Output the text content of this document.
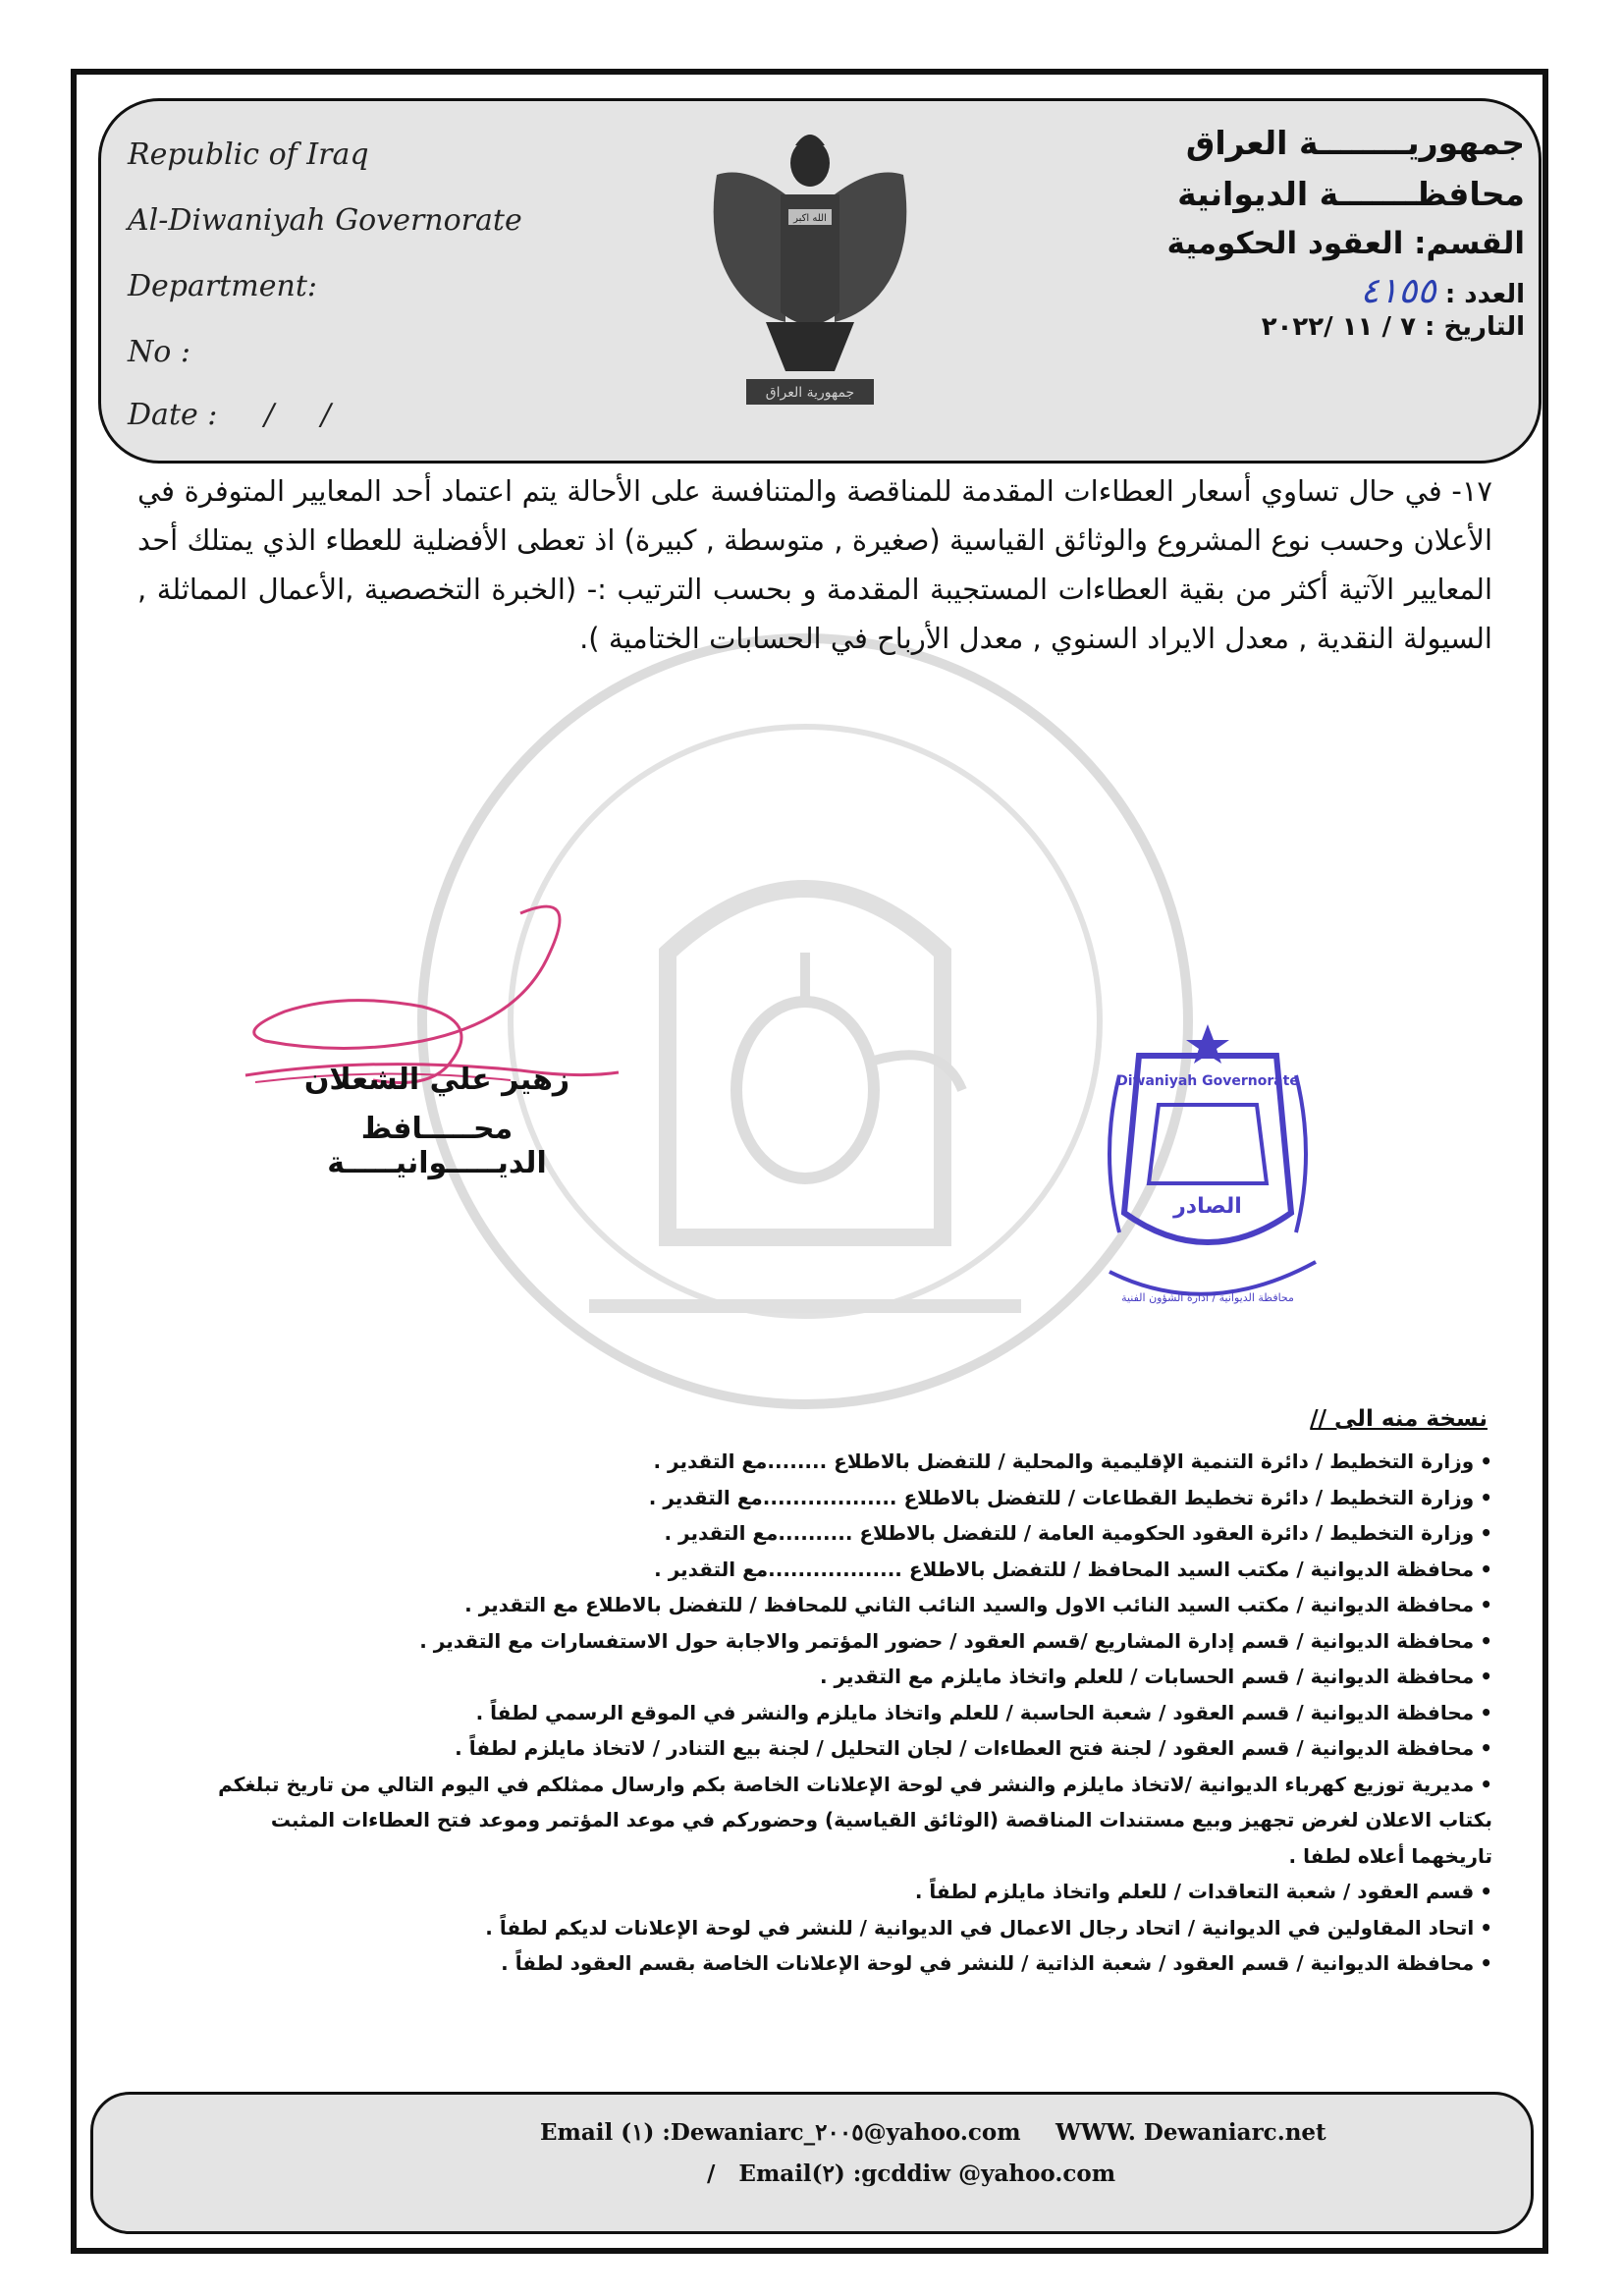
Republic of Iraq
Al-Diwaniyah Governorate
Department:
No :
Date :     /     /
الله اكبر
جمهورية العراق
جمهوريــــــــة العراق
محافظـــــــة الديوانية
القسم: العقود الحكومية
العدد : ٤١٥٥
التاريخ : ٧ / ١١ /٢٠٢٢
١٧- في حال تساوي أسعار العطاءات المقدمة للمناقصة والمتنافسة على الأحالة يتم اعتماد أحد المعايير المتوفرة في الأعلان وحسب نوع المشروع والوثائق القياسية (صغيرة , متوسطة , كبيرة) اذ تعطى الأفضلية للعطاء الذي يمتلك أحد المعايير الآتية أكثر من بقية العطاءات المستجيبة المقدمة و بحسب الترتيب :- (الخبرة التخصصية ,الأعمال المماثلة , السيولة النقدية , معدل الايراد السنوي , معدل الأرباح في الحسابات الختامية ).
زهير علي الشعلان
محـــــافظ الديـــــوانيـــــة
Diwaniyah Governorate
الصادر
محافظة الديوانية / ادارة الشؤون الفنية
نسخة منه الى //
•وزارة التخطيط / دائرة التنمية الإقليمية والمحلية / للتفضل بالاطلاع ........مع التقدير .
•وزارة التخطيط / دائرة تخطيط القطاعات / للتفضل بالاطلاع ..................مع التقدير .
•وزارة التخطيط / دائرة العقود الحكومية العامة / للتفضل بالاطلاع ..........مع التقدير .
•محافظة الديوانية / مكتب السيد المحافظ / للتفضل بالاطلاع ..................مع التقدير .
•محافظة الديوانية / مكتب السيد النائب الاول والسيد النائب الثاني للمحافظ / للتفضل بالاطلاع مع التقدير .
•محافظة الديوانية / قسم إدارة المشاريع /قسم العقود / حضور المؤتمر والاجابة حول الاستفسارات مع التقدير .
•محافظة الديوانية / قسم الحسابات / للعلم واتخاذ مايلزم مع التقدير .
•محافظة الديوانية / قسم العقود / شعبة الحاسبة / للعلم واتخاذ مايلزم والنشر في الموقع الرسمي لطفاً .
•محافظة الديوانية / قسم العقود / لجنة فتح العطاءات / لجان التحليل / لجنة بيع التنادر / لاتخاذ مايلزم لطفاً .
•مديرية توزيع كهرباء الديوانية /لاتخاذ مايلزم والنشر في لوحة الإعلانات الخاصة بكم وارسال ممثلكم في اليوم التالي من تاريخ تبلغكم بكتاب الاعلان لغرض تجهيز وبيع مستندات المناقصة (الوثائق القياسية) وحضوركم في موعد المؤتمر وموعد فتح العطاءات المثبت تاريخهما أعلاه لطفا .
•قسم العقود / شعبة التعاقدات / للعلم واتخاذ مايلزم لطفاً .
•اتحاد المقاولين في الديوانية / اتحاد رجال الاعمال في الديوانية / للنشر في لوحة الإعلانات لديكم لطفاً .
•محافظة الديوانية / قسم العقود / شعبة الذاتية / للنشر في لوحة الإعلانات الخاصة بقسم العقود لطفاً .
Email (١) :Dewaniarc_٢٠٠٥@yahoo.com WWW. Dewaniarc.net
/   Email(٢) :gcddiw @yahoo.com
